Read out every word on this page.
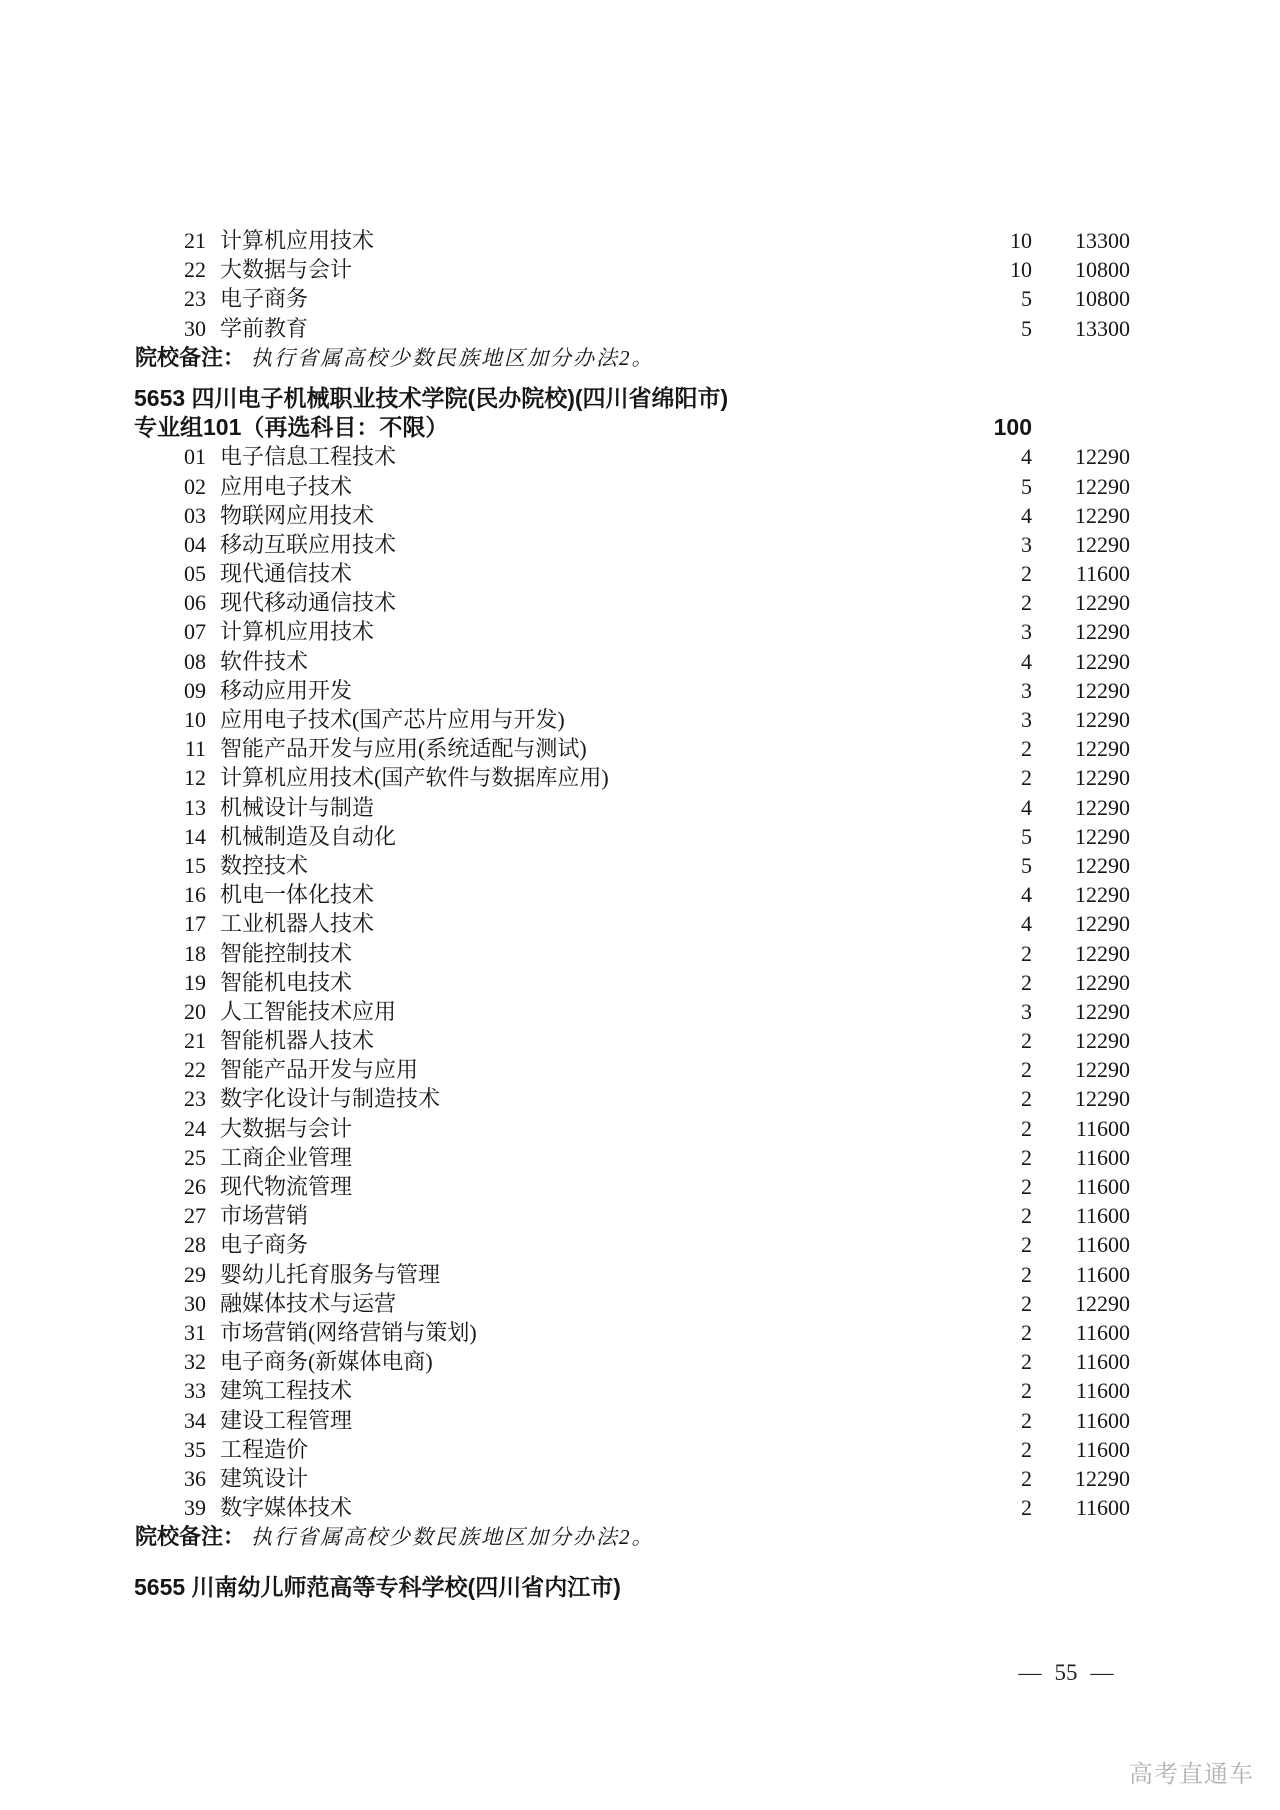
21 计算机应用技术	10	13300
22 大数据与会计	10	10800
23 电子商务	5	10800
30 学前教育	5	13300
院校备注： 执行省属高校少数民族地区加分办法2。
5653 四川电子机械职业技术学院(民办院校)(四川省绵阳市)
专业组101（再选科目：不限）	100
01 电子信息工程技术	4	12290
02 应用电子技术	5	12290
03 物联网应用技术	4	12290
04 移动互联应用技术	3	12290
05 现代通信技术	2	11600
06 现代移动通信技术	2	12290
07 计算机应用技术	3	12290
08 软件技术	4	12290
09 移动应用开发	3	12290
10 应用电子技术(国产芯片应用与开发)	3	12290
11 智能产品开发与应用(系统适配与测试)	2	12290
12 计算机应用技术(国产软件与数据库应用)	2	12290
13 机械设计与制造	4	12290
14 机械制造及自动化	5	12290
15 数控技术	5	12290
16 机电一体化技术	4	12290
17 工业机器人技术	4	12290
18 智能控制技术	2	12290
19 智能机电技术	2	12290
20 人工智能技术应用	3	12290
21 智能机器人技术	2	12290
22 智能产品开发与应用	2	12290
23 数字化设计与制造技术	2	12290
24 大数据与会计	2	11600
25 工商企业管理	2	11600
26 现代物流管理	2	11600
27 市场营销	2	11600
28 电子商务	2	11600
29 婴幼儿托育服务与管理	2	11600
30 融媒体技术与运营	2	12290
31 市场营销(网络营销与策划)	2	11600
32 电子商务(新媒体电商)	2	11600
33 建筑工程技术	2	11600
34 建设工程管理	2	11600
35 工程造价	2	11600
36 建筑设计	2	12290
39 数字媒体技术	2	11600
院校备注： 执行省属高校少数民族地区加分办法2。
5655 川南幼儿师范高等专科学校(四川省内江市)
— 55 —
高考直通车
